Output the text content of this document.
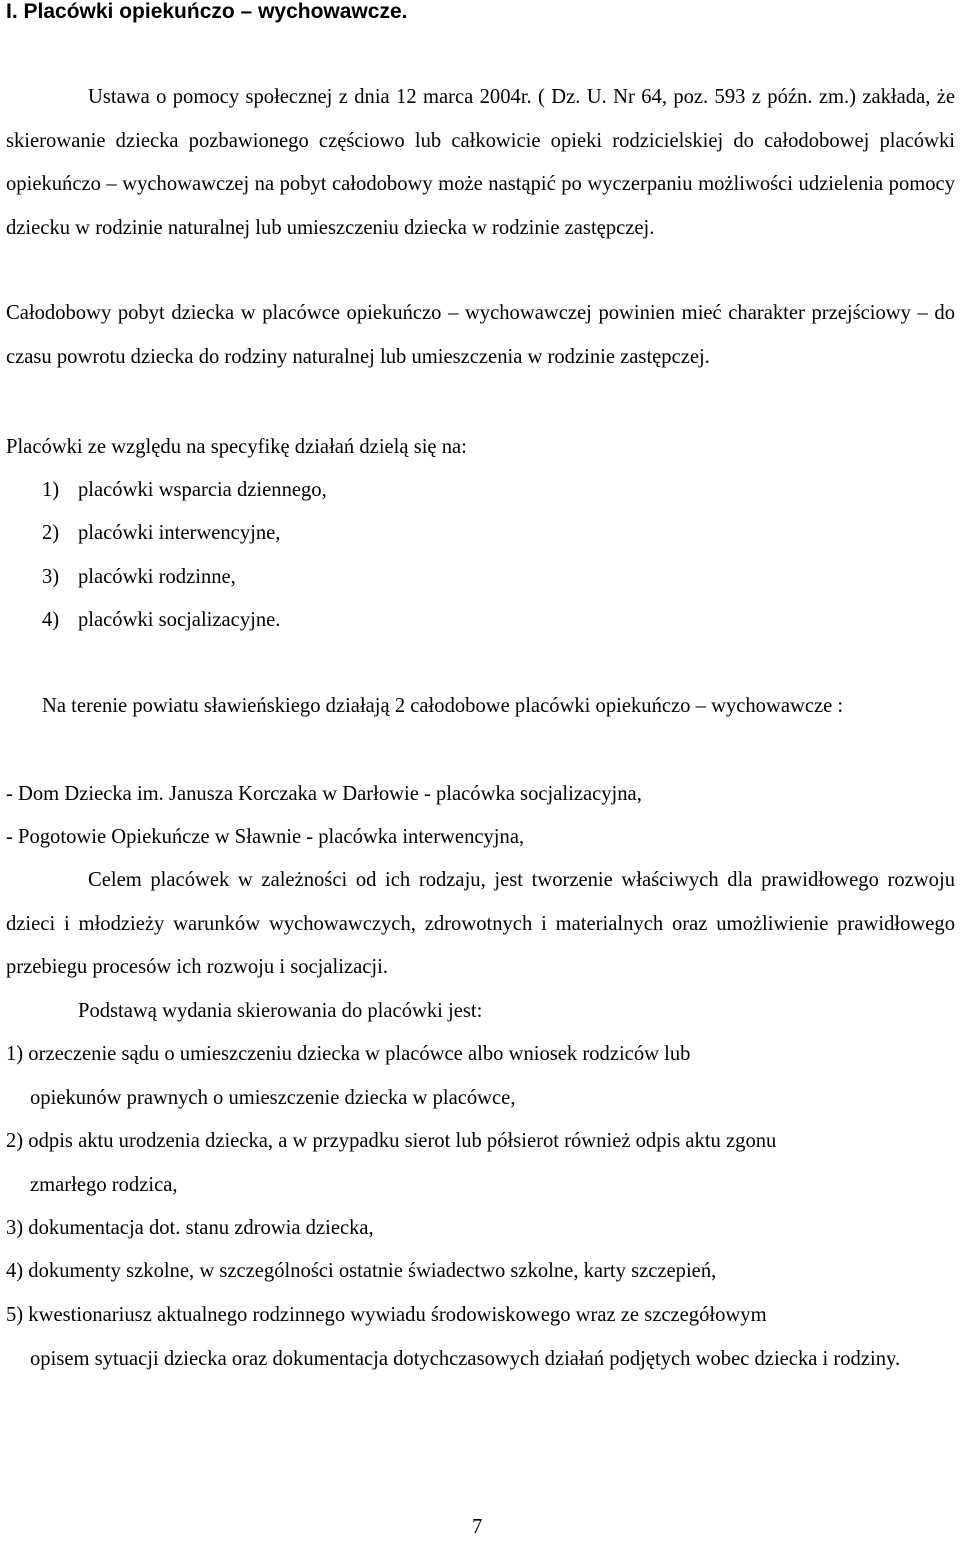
I. Placówki opiekuńczo – wychowawcze.

Ustawa o pomocy społecznej z dnia 12 marca 2004r. ( Dz. U. Nr 64, poz. 593 z późn. zm.) zakłada, że skierowanie dziecka pozbawionego częściowo lub całkowicie opieki rodzicielskiej do całodobowej placówki opiekuńczo – wychowawczej na pobyt całodobowy może nastąpić po wyczerpaniu możliwości udzielenia pomocy dziecku w rodzinie naturalnej lub umieszczeniu dziecka w rodzinie zastępczej.

Całodobowy pobyt dziecka w placówce opiekuńczo – wychowawczej powinien mieć charakter przejściowy – do czasu powrotu dziecka do rodziny naturalnej lub umieszczenia w rodzinie zastępczej.

Placówki ze względu na specyfikę działań dzielą się na:
1) placówki wsparcia dziennego,
2) placówki interwencyjne,
3) placówki rodzinne,
4) placówki socjalizacyjne.

Na terenie powiatu sławieńskiego działają 2 całodobowe placówki opiekuńczo – wychowawcze :

- Dom Dziecka im. Janusza Korczaka w Darłowie - placówka socjalizacyjna,
- Pogotowie Opiekuńcze w Sławnie - placówka interwencyjna,

Celem placówek w zależności od ich rodzaju, jest tworzenie właściwych dla prawidłowego rozwoju dzieci i młodzieży warunków wychowawczych, zdrowotnych i materialnych oraz umożliwienie prawidłowego przebiegu procesów ich rozwoju i socjalizacji.

Podstawą wydania skierowania do placówki jest:
1) orzeczenie sądu o umieszczeniu dziecka w placówce albo wniosek rodziców lub
opiekunów prawnych o umieszczenie dziecka w placówce,
2) odpis aktu urodzenia dziecka, a w przypadku sierot lub półsierot również odpis aktu zgonu
zmarłego rodzica,
3) dokumentacja dot. stanu zdrowia dziecka,
4) dokumenty szkolne, w szczególności ostatnie świadectwo szkolne, karty szczepień,
5) kwestionariusz aktualnego rodzinnego wywiadu środowiskowego wraz ze szczegółowym
opisem sytuacji dziecka oraz dokumentacja dotychczasowych działań podjętych wobec dziecka i rodziny.
7
